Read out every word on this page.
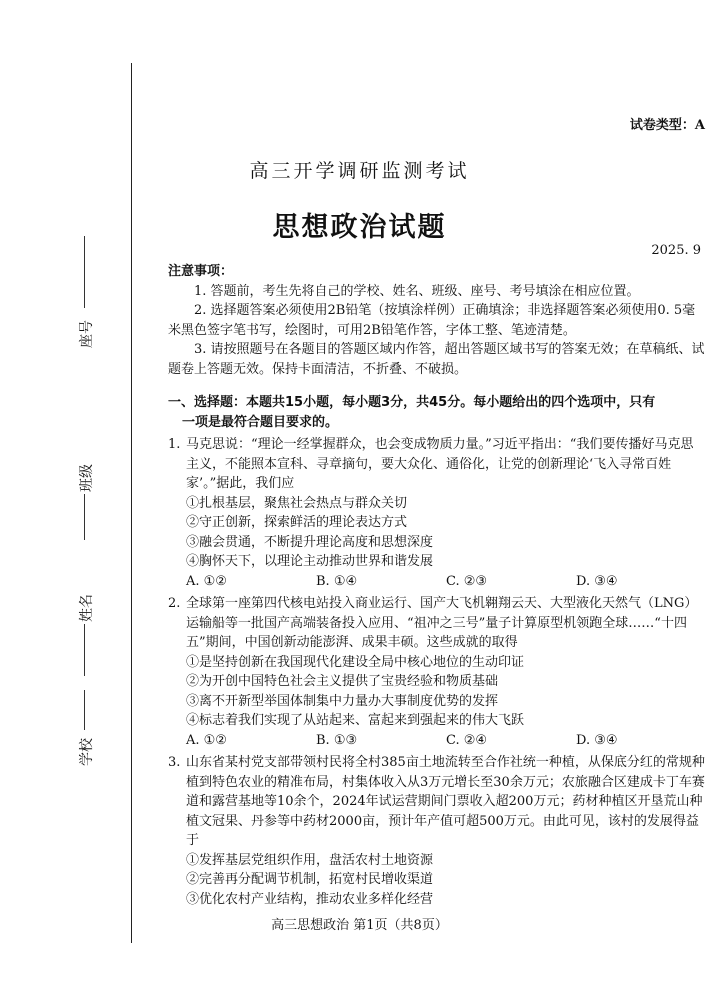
座号
班级
姓名
学校
试卷类型：A
高三开学调研监测考试
思想政治试题
2025. 9
注意事项：

1. 答题前，考生先将自己的学校、姓名、班级、座号、考号填涂在相应位置。

2. 选择题答案必须使用2B铅笔（按填涂样例）正确填涂；非选择题答案必须使用0. 5毫米黑色签字笔书写，绘图时，可用2B铅笔作答，字体工整、笔迹清楚。

3. 请按照题号在各题目的答题区域内作答，超出答题区域书写的答案无效；在草稿纸、试题卷上答题无效。保持卡面清洁，不折叠、不破损。

一、选择题：本题共15小题，每小题3分，共45分。每小题给出的四个选项中，只有
一项是最符合题目要求的。
1. 马克思说：“理论一经掌握群众，也会变成物质力量。”习近平指出：“我们要传播好马克思主义，不能照本宣科、寻章摘句，要大众化、通俗化，让党的创新理论‘飞入寻常百姓家’。”据此，我们应

①扎根基层，聚焦社会热点与群众关切

②守正创新，探索鲜活的理论表达方式

③融会贯通，不断提升理论高度和思想深度

④胸怀天下，以理论主动推动世界和谐发展

A. ①②	B. ①④	C. ②③	D. ③④
2. 全球第一座第四代核电站投入商业运行、国产大飞机翱翔云天、大型液化天然气（LNG）运输船等一批国产高端装备投入应用、“祖冲之三号”量子计算原型机领跑全球……“十四五”期间，中国创新动能澎湃、成果丰硕。这些成就的取得

①是坚持创新在我国现代化建设全局中核心地位的生动印证

②为开创中国特色社会主义提供了宝贵经验和物质基础

③离不开新型举国体制集中力量办大事制度优势的发挥

④标志着我们实现了从站起来、富起来到强起来的伟大飞跃

A. ①②	B. ①③	C. ②④	D. ③④
3. 山东省某村党支部带领村民将全村385亩土地流转至合作社统一种植，从保底分红的常规种植到特色农业的精准布局，村集体收入从3万元增长至30余万元；农旅融合区建成卡丁车赛道和露营基地等10余个，2024年试运营期间门票收入超200万元；药材种植区开垦荒山种植文冠果、丹参等中药材2000亩，预计年产值可超500万元。由此可见，该村的发展得益于

①发挥基层党组织作用，盘活农村土地资源

②完善再分配调节机制，拓宽村民增收渠道

③优化农村产业结构，推动农业多样化经营

高三思想政治 第1页（共8页）
